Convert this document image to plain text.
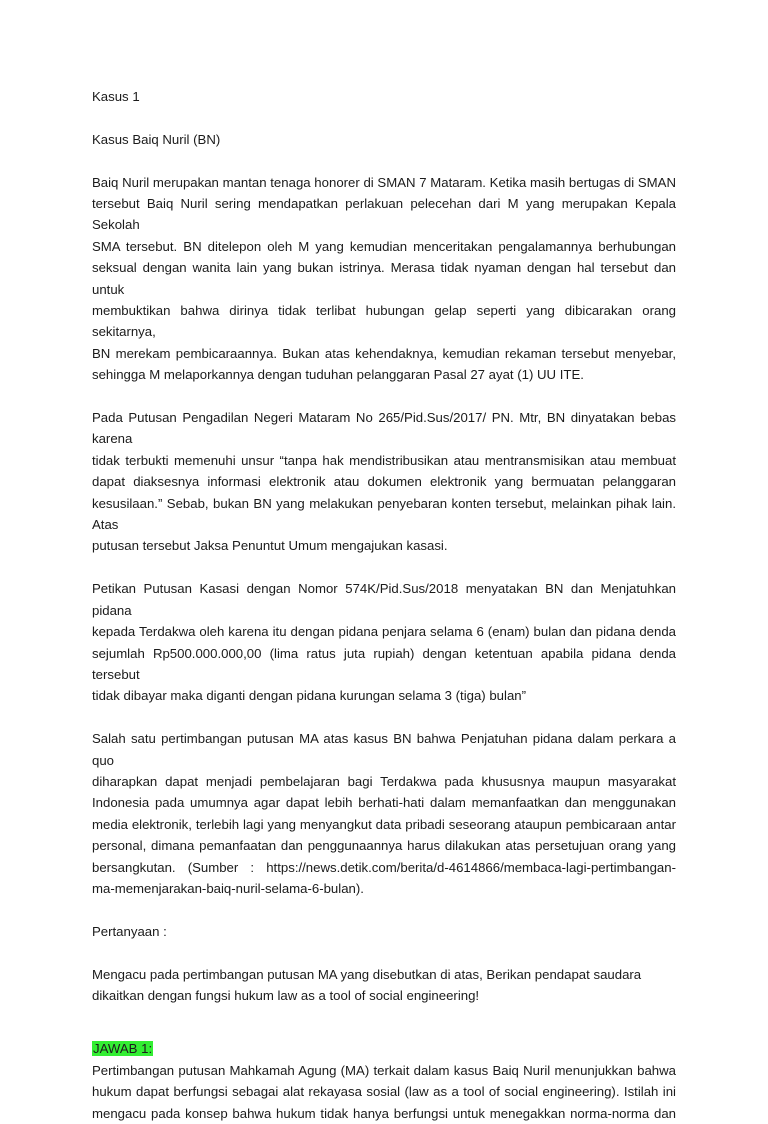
Kasus 1

Kasus Baiq Nuril (BN)

Baiq Nuril merupakan mantan tenaga honorer di SMAN 7 Mataram. Ketika masih bertugas di SMAN

tersebut Baiq Nuril sering mendapatkan perlakuan pelecehan dari M yang merupakan Kepala Sekolah

SMA tersebut. BN ditelepon oleh M yang kemudian menceritakan pengalamannya berhubungan

seksual dengan wanita lain yang bukan istrinya. Merasa tidak nyaman dengan hal tersebut dan untuk

membuktikan bahwa dirinya tidak terlibat hubungan gelap seperti yang dibicarakan orang sekitarnya,

BN merekam pembicaraannya. Bukan atas kehendaknya, kemudian rekaman tersebut menyebar,

sehingga M melaporkannya dengan tuduhan pelanggaran Pasal 27 ayat (1) UU ITE.

Pada Putusan Pengadilan Negeri Mataram No 265/Pid.Sus/2017/ PN. Mtr, BN dinyatakan bebas karena

tidak terbukti memenuhi unsur “tanpa hak mendistribusikan atau mentransmisikan atau membuat

dapat diaksesnya informasi elektronik atau dokumen elektronik yang bermuatan pelanggaran

kesusilaan.” Sebab, bukan BN yang melakukan penyebaran konten tersebut, melainkan pihak lain. Atas

putusan tersebut Jaksa Penuntut Umum mengajukan kasasi.

Petikan Putusan Kasasi dengan Nomor 574K/Pid.Sus/2018 menyatakan BN dan Menjatuhkan pidana

kepada Terdakwa oleh karena itu dengan pidana penjara selama 6 (enam) bulan dan pidana denda

sejumlah Rp500.000.000,00 (lima ratus juta rupiah) dengan ketentuan apabila pidana denda tersebut

tidak dibayar maka diganti dengan pidana kurungan selama 3 (tiga) bulan”

Salah satu pertimbangan putusan MA atas kasus BN bahwa Penjatuhan pidana dalam perkara a quo

diharapkan dapat menjadi pembelajaran bagi Terdakwa pada khususnya maupun masyarakat

Indonesia pada umumnya agar dapat lebih berhati-hati dalam memanfaatkan dan menggunakan

media elektronik, terlebih lagi yang menyangkut data pribadi seseorang ataupun pembicaraan antar

personal, dimana pemanfaatan dan penggunaannya harus dilakukan atas persetujuan orang yang

bersangkutan. (Sumber : https://news.detik.com/berita/d-4614866/membaca-lagi-pertimbangan-

ma-memenjarakan-baiq-nuril-selama-6-bulan).

Pertanyaan :

Mengacu pada pertimbangan putusan MA yang disebutkan di atas, Berikan pendapat saudara

dikaitkan dengan fungsi hukum law as a tool of social engineering!

JAWAB 1:

Pertimbangan putusan Mahkamah Agung (MA) terkait dalam kasus Baiq Nuril menunjukkan bahwa

hukum dapat berfungsi sebagai alat rekayasa sosial (law as a tool of social engineering). Istilah ini

mengacu pada konsep bahwa hukum tidak hanya berfungsi untuk menegakkan norma-norma dan
